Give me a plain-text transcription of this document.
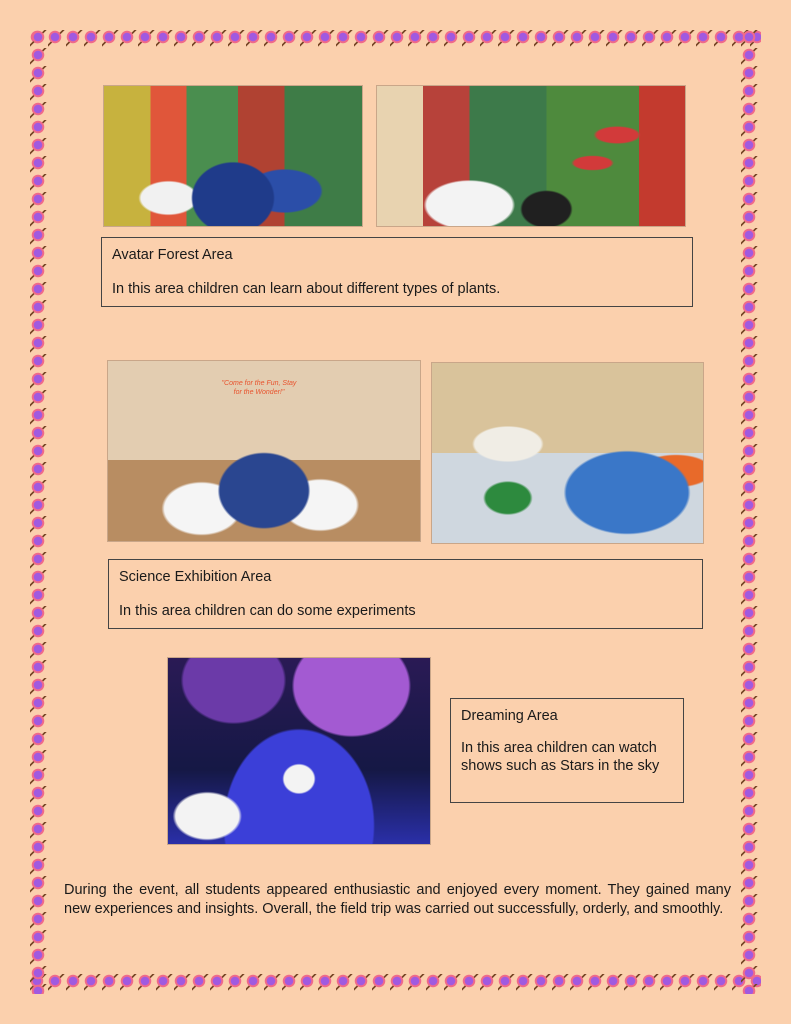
Avatar Forest Area
In this area children can learn about different types of plants.
"Come for the Fun, Stay for the Wonder!"
Science Exhibition Area
In this area children can do some experiments
Dreaming Area
In this area children can watch shows such as Stars in the sky

During the event, all students appeared enthusiastic and enjoyed every moment. They gained many new experiences and insights. Overall, the field trip was carried out successfully, orderly, and smoothly.
